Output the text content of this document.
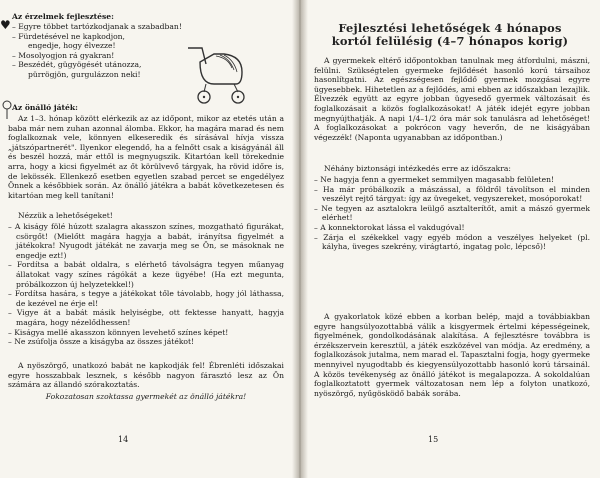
♥
Az érzelmek fejlesztése:
– Egyre többet tartózkodjanak a szabadban!
– Fürdetésével ne kapkodjon,
engedje, hogy élvezze!
– Mosolyogjon rá gyakran!
– Beszédét, gügyögését utánozza,
pürrögjön, gurgulázzon neki!
Az önálló játék:
Az 1–3. hónap között elérkezik az az időpont, mikor az etetés után a baba már nem zuhan azonnal álomba. Ekkor, ha magára marad és nem foglalkoznak vele, könnyen elkeseredik és sírásával hívja vissza „játszópartnerét". Ilyenkor elegendő, ha a felnőtt csak a kiságyánál áll és beszél hozzá, már ettől is megnyugszik. Kitartóan kell törekednie arra, hogy a kicsi figyelmét az őt körülvevő tárgyak, ha rövid időre is, de lekössék. Ellenkező esetben egyetlen szabad percet se engedélyez Önnek a későbbiek során. Az önálló játékra a babát következetesen és kitartóan meg kell tanítani!
Nézzük a lehetőségeket!
– A kiságy fölé húzott szalagra akasszon színes, mozgatható figurákat, csörgőt! (Mielőtt magára hagyja a babát, irányítsa figyelmét a játékokra! Nyugodt játékát ne zavarja meg se Ön, se másoknak ne engedje ezt!)
– Fordítsa a babát oldalra, s elérhető távolságra tegyen műanyag állatokat vagy színes rágókát a keze ügyébe! (Ha ezt megunta, próbálkozzon új helyzetekkel!)
– Fordítsa hasára, s tegye a játékokat tőle távolabb, hogy jól láthassa, de kezével ne érje el!
– Vigye át a babát másik helyiségbe, ott fektesse hanyatt, hagyja magára, hogy nézelődhessen!
– Kiságya mellé akasszon könnyen levehető színes képet!
– Ne zsúfolja össze a kiságyba az összes játékot!
A nyöszörgő, unatkozó babát ne kapkodják fel! Ébrenléti időszakai egyre hosszabbak lesznek, s később nagyon fárasztó lesz az Ön számára az állandó szórakoztatás.
Fokozatosan szoktassa gyermekét az önálló játékra!
14
Fejlesztési lehetőségek 4 hónapos
kortól felülésig (4–7 hónapos korig)
A gyermekek eltérő időpontokban tanulnak meg átfordulni, mászni, felülni. Szükségtelen gyermeke fejlődését hasonló korú társaihoz hasonlítgatni. Az egészségesen fejlődő gyermek mozgásai egyre ügyesebbek. Hihetetlen az a fejlődés, ami ebben az időszakban lezajlik. Élvezzék együtt az egyre jobban ügyesedő gyermek változásait és foglalkozásait a közös foglalkozásokat! A játék idejét egyre jobban megnyújthatják. A napi 1/4–1/2 óra már sok tanulásra ad lehetőséget! A foglalkozásokat a pokrócon vagy heverőn, de ne kiságyában végezzék! (Naponta ugyanabban az időpontban.)
Néhány biztonsági intézkedés erre az időszakra:
– Ne hagyja fenn a gyermeket semmilyen magasabb felületen!
– Ha már próbálkozik a mászással, a földről távolítson el minden veszélyt rejtő tárgyat: így az üvegeket, vegyszereket, mosóporokat!
– Ne tegyen az asztalokra leülgő asztalterítőt, amit a mászó gyermek elérhet!
– A konnektorokat lássa el vakdugóval!
– Zárja el székekkel vagy egyéb módon a veszélyes helyeket (pl. kályha, üveges szekrény, virágtartó, ingatag polc, lépcső)!
A gyakorlatok közé ebben a korban belép, majd a továbbiakban egyre hangsúlyozottabbá válik a kisgyermek értelmi képességeinek, figyelmének, gondolkodásának alakítása. A fejlesztésre továbbra is érzékszervein keresztül, a játék eszközével van módja. Az eredmény, a foglalkozások jutalma, nem marad el. Tapasztalni fogja, hogy gyermeke mennyivel nyugodtabb és kiegyensúlyozottabb hasonló korú társainál. A közös tevékenység az önálló játékot is megalapozza. A sokoldalúan foglalkoztatott gyermek változatosan nem lép a folyton unatkozó, nyöszörgő, nyűgösködő babák sorába.
15
